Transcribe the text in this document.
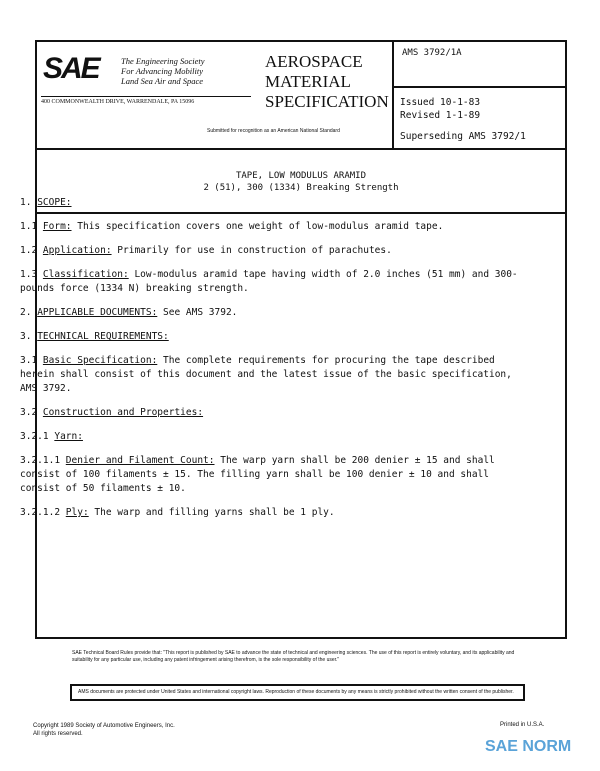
SAE	The Engineering Society
For Advancing Mobility
Land Sea Air and Space
400 COMMONWEALTH DRIVE, WARRENDALE, PA 15096
AEROSPACE
MATERIAL
SPECIFICATION
Submitted for recognition as an American National Standard
AMS 3792/1A
Issued 10-1-83
Revised 1-1-89
Superseding AMS 3792/1
TAPE, LOW MODULUS ARAMID
2 (51), 300 (1334) Breaking Strength

1. SCOPE:

1.1 Form: This specification covers one weight of low-modulus aramid tape.

1.2 Application: Primarily for use in construction of parachutes.

1.3 Classification: Low-modulus aramid tape having width of 2.0 inches (51 mm) and 300-pounds force (1334 N) breaking strength.

2. APPLICABLE DOCUMENTS: See AMS 3792.

3. TECHNICAL REQUIREMENTS:

3.1 Basic Specification: The complete requirements for procuring the tape described herein shall consist of this document and the latest issue of the basic specification, AMS 3792.

3.2 Construction and Properties:

3.2.1 Yarn:

3.2.1.1 Denier and Filament Count: The warp yarn shall be 200 denier ± 15 and shall consist of 100 filaments ± 15. The filling yarn shall be 100 denier ± 10 and shall consist of 50 filaments ± 10.

3.2.1.2 Ply: The warp and filling yarns shall be 1 ply.

SAE Technical Board Rules provide that: "This report is published by SAE to advance the state of technical and engineering sciences. The use of this report is entirely voluntary, and its applicability and suitability for any particular use, including any patent infringement arising therefrom, is the sole responsibility of the user."
AMS documents are protected under United States and international copyright laws. Reproduction of these documents by any means is strictly prohibited without the written consent of the publisher.
Copyright 1989 Society of Automotive Engineers, Inc.
All rights reserved.
Printed in U.S.A.
SAE NORM
